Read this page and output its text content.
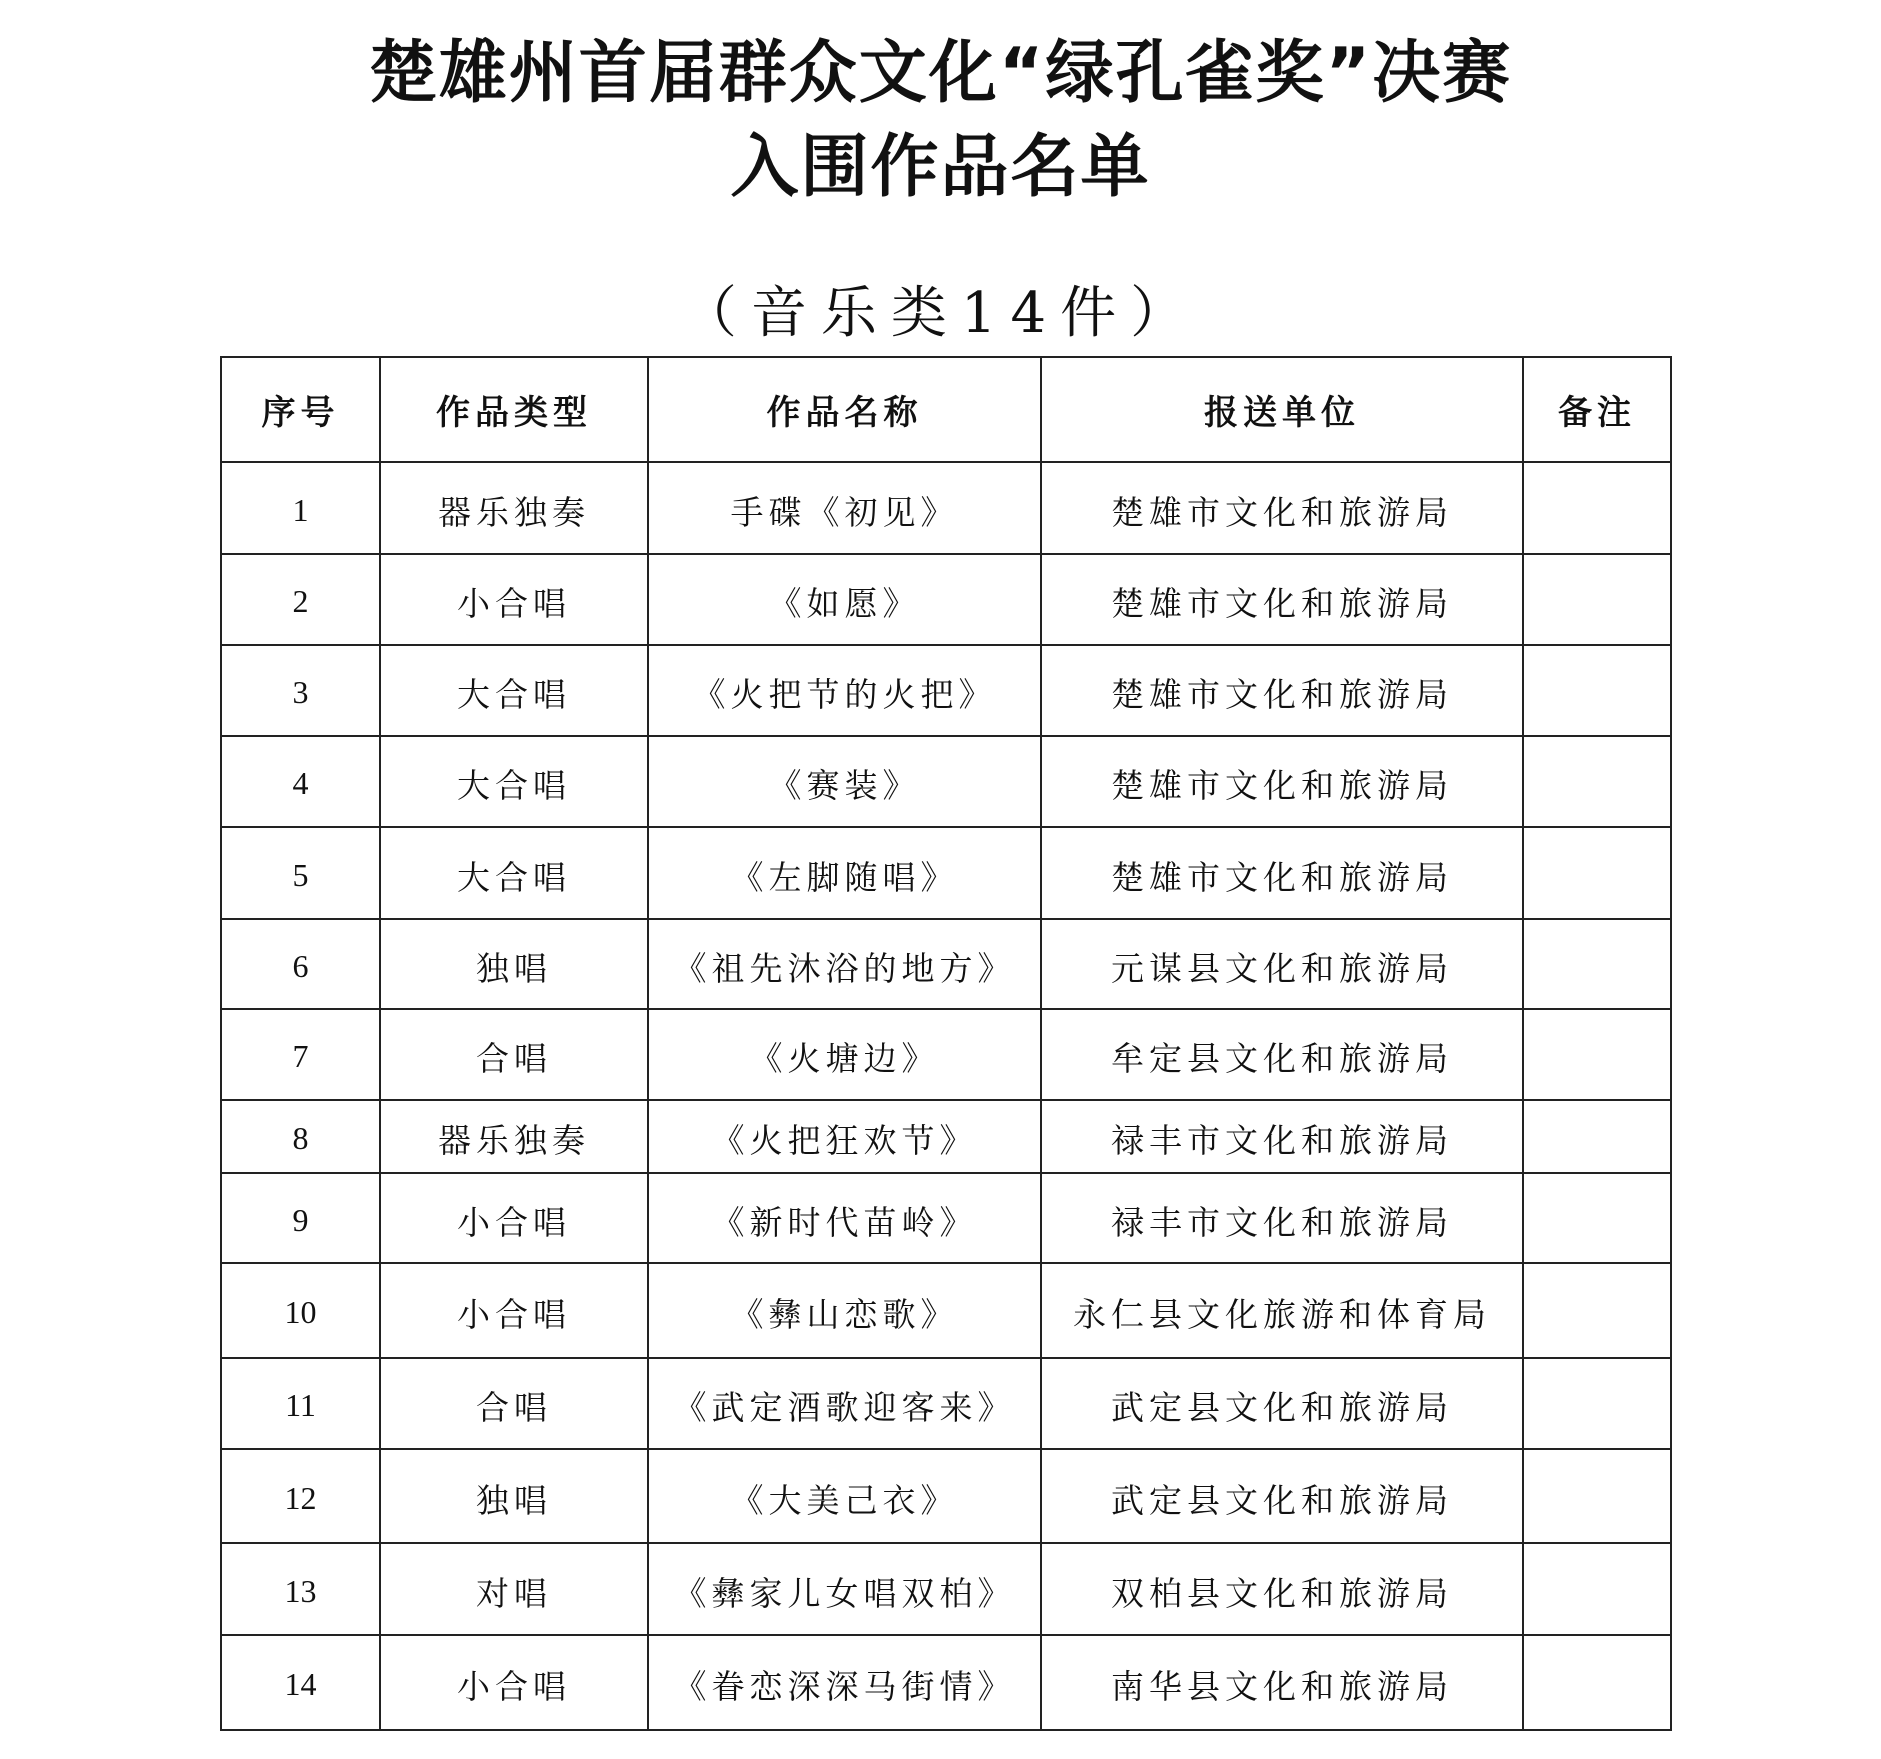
楚雄州首届群众文化“绿孔雀奖”决赛
入围作品名单
（音乐类14件）
序号	作品类型	作品名称	报送单位	备注
1	器乐独奏	手碟《初见》	楚雄市文化和旅游局	
2	小合唱	《如愿》	楚雄市文化和旅游局	
3	大合唱	《火把节的火把》	楚雄市文化和旅游局	
4	大合唱	《赛装》	楚雄市文化和旅游局	
5	大合唱	《左脚随唱》	楚雄市文化和旅游局	
6	独唱	《祖先沐浴的地方》	元谋县文化和旅游局	
7	合唱	《火塘边》	牟定县文化和旅游局	
8	器乐独奏	《火把狂欢节》	禄丰市文化和旅游局	
9	小合唱	《新时代苗岭》	禄丰市文化和旅游局	
10	小合唱	《彝山恋歌》	永仁县文化旅游和体育局	
11	合唱	《武定酒歌迎客来》	武定县文化和旅游局	
12	独唱	《大美己衣》	武定县文化和旅游局	
13	对唱	《彝家儿女唱双柏》	双柏县文化和旅游局	
14	小合唱	《眷恋深深马街情》	南华县文化和旅游局	
